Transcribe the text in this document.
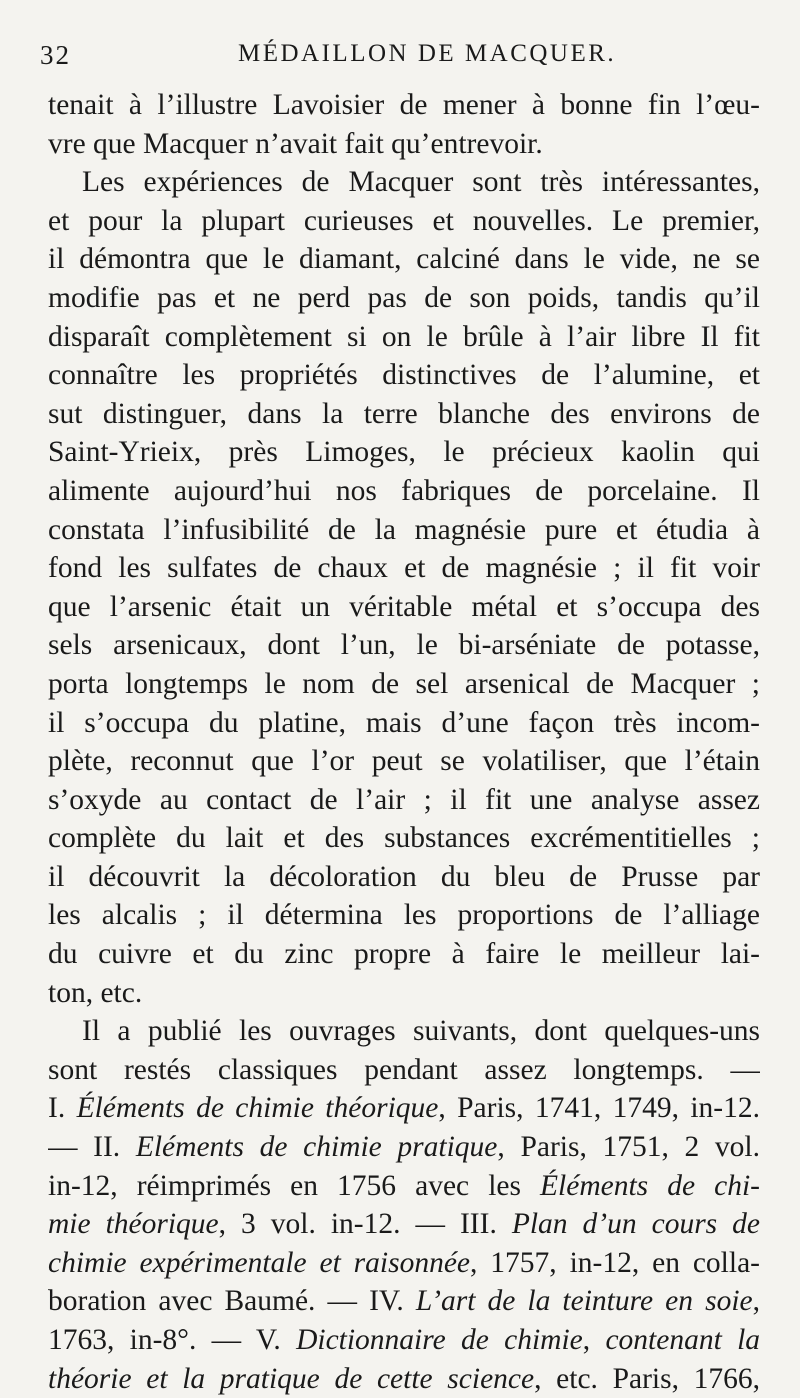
32	MÉDAILLON DE MACQUER.

tenait à l’illustre Lavoisier de mener à bonne fin l’œu-
vre que Macquer n’avait fait qu’entrevoir.

Les expériences de Macquer sont très intéressantes,
et pour la plupart curieuses et nouvelles. Le premier,
il démontra que le diamant, calciné dans le vide, ne se
modifie pas et ne perd pas de son poids, tandis qu’il
disparaît complètement si on le brûle à l’air libre Il fit
connaître les propriétés distinctives de l’alumine, et
sut distinguer, dans la terre blanche des environs de
Saint-Yrieix, près Limoges, le précieux kaolin qui
alimente aujourd’hui nos fabriques de porcelaine. Il
constata l’infusibilité de la magnésie pure et étudia à
fond les sulfates de chaux et de magnésie ; il fit voir
que l’arsenic était un véritable métal et s’occupa des
sels arsenicaux, dont l’un, le bi-arséniate de potasse,
porta longtemps le nom de sel arsenical de Macquer ;
il s’occupa du platine, mais d’une façon très incom-
plète, reconnut que l’or peut se volatiliser, que l’étain
s’oxyde au contact de l’air ; il fit une analyse assez
complète du lait et des substances excrémentitielles ;
il découvrit la décoloration du bleu de Prusse par
les alcalis ; il détermina les proportions de l’alliage
du cuivre et du zinc propre à faire le meilleur lai-
ton, etc.

Il a publié les ouvrages suivants, dont quelques-uns
sont restés classiques pendant assez longtemps. —
I. Éléments de chimie théorique, Paris, 1741, 1749, in-12.
— II. Eléments de chimie pratique, Paris, 1751, 2 vol.
in-12, réimprimés en 1756 avec les Éléments de chi-
mie théorique, 3 vol. in-12. — III. Plan d’un cours de
chimie expérimentale et raisonnée, 1757, in-12, en colla-
boration avec Baumé. — IV. L’art de la teinture en soie,
1763, in-8°. — V. Dictionnaire de chimie, contenant la
théorie et la pratique de cette science, etc. Paris, 1766,
